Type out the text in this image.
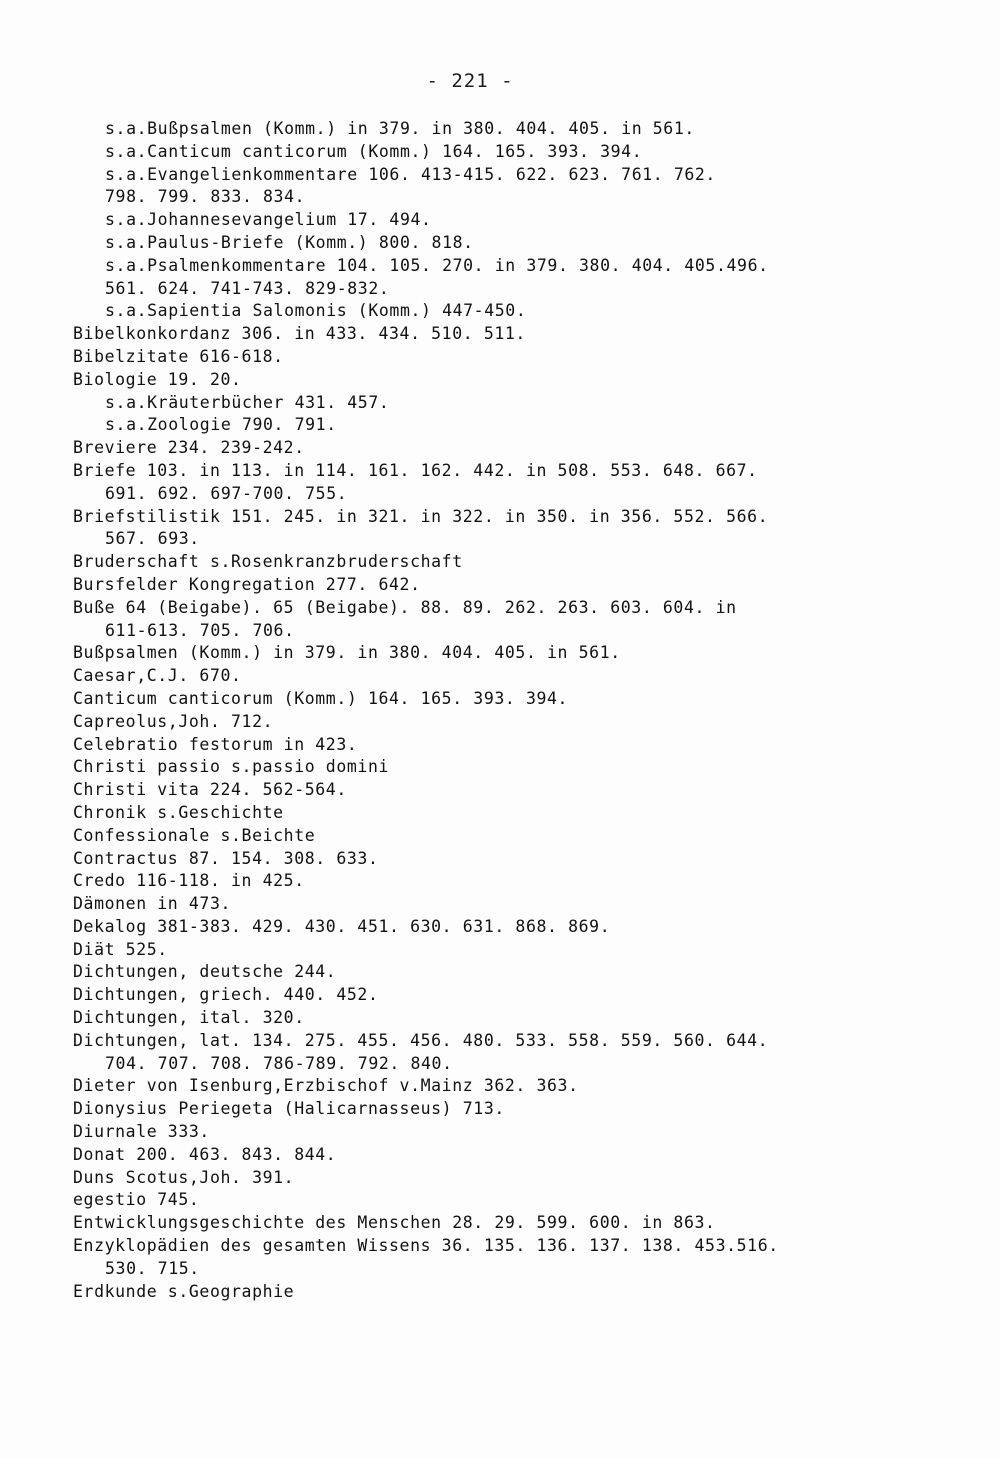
- 221 -
s.a.Bußpsalmen (Komm.) in 379. in 380. 404. 405. in 561.
s.a.Canticum canticorum (Komm.) 164. 165. 393. 394.
s.a.Evangelienkommentare 106. 413-415. 622. 623. 761. 762.
798. 799. 833. 834.
s.a.Johannesevangelium 17. 494.
s.a.Paulus-Briefe (Komm.) 800. 818.
s.a.Psalmenkommentare 104. 105. 270. in 379. 380. 404. 405.496.
561. 624. 741-743. 829-832.
s.a.Sapientia Salomonis (Komm.) 447-450.
Bibelkonkordanz 306. in 433. 434. 510. 511.
Bibelzitate 616-618.
Biologie 19. 20.
s.a.Kräuterbücher 431. 457.
s.a.Zoologie 790. 791.
Breviere 234. 239-242.
Briefe 103. in 113. in 114. 161. 162. 442. in 508. 553. 648. 667.
691. 692. 697-700. 755.
Briefstilistik 151. 245. in 321. in 322. in 350. in 356. 552. 566.
567. 693.
Bruderschaft s.Rosenkranzbruderschaft
Bursfelder Kongregation 277. 642.
Buße 64 (Beigabe). 65 (Beigabe). 88. 89. 262. 263. 603. 604. in
611-613. 705. 706.
Bußpsalmen (Komm.) in 379. in 380. 404. 405. in 561.
Caesar,C.J. 670.
Canticum canticorum (Komm.) 164. 165. 393. 394.
Capreolus,Joh. 712.
Celebratio festorum in 423.
Christi passio s.passio domini
Christi vita 224. 562-564.
Chronik s.Geschichte
Confessionale s.Beichte
Contractus 87. 154. 308. 633.
Credo 116-118. in 425.
Dämonen in 473.
Dekalog 381-383. 429. 430. 451. 630. 631. 868. 869.
Diät 525.
Dichtungen, deutsche 244.
Dichtungen, griech. 440. 452.
Dichtungen, ital. 320.
Dichtungen, lat. 134. 275. 455. 456. 480. 533. 558. 559. 560. 644.
704. 707. 708. 786-789. 792. 840.
Dieter von Isenburg,Erzbischof v.Mainz 362. 363.
Dionysius Periegeta (Halicarnasseus) 713.
Diurnale 333.
Donat 200. 463. 843. 844.
Duns Scotus,Joh. 391.
egestio 745.
Entwicklungsgeschichte des Menschen 28. 29. 599. 600. in 863.
Enzyklopädien des gesamten Wissens 36. 135. 136. 137. 138. 453.516.
530. 715.
Erdkunde s.Geographie
